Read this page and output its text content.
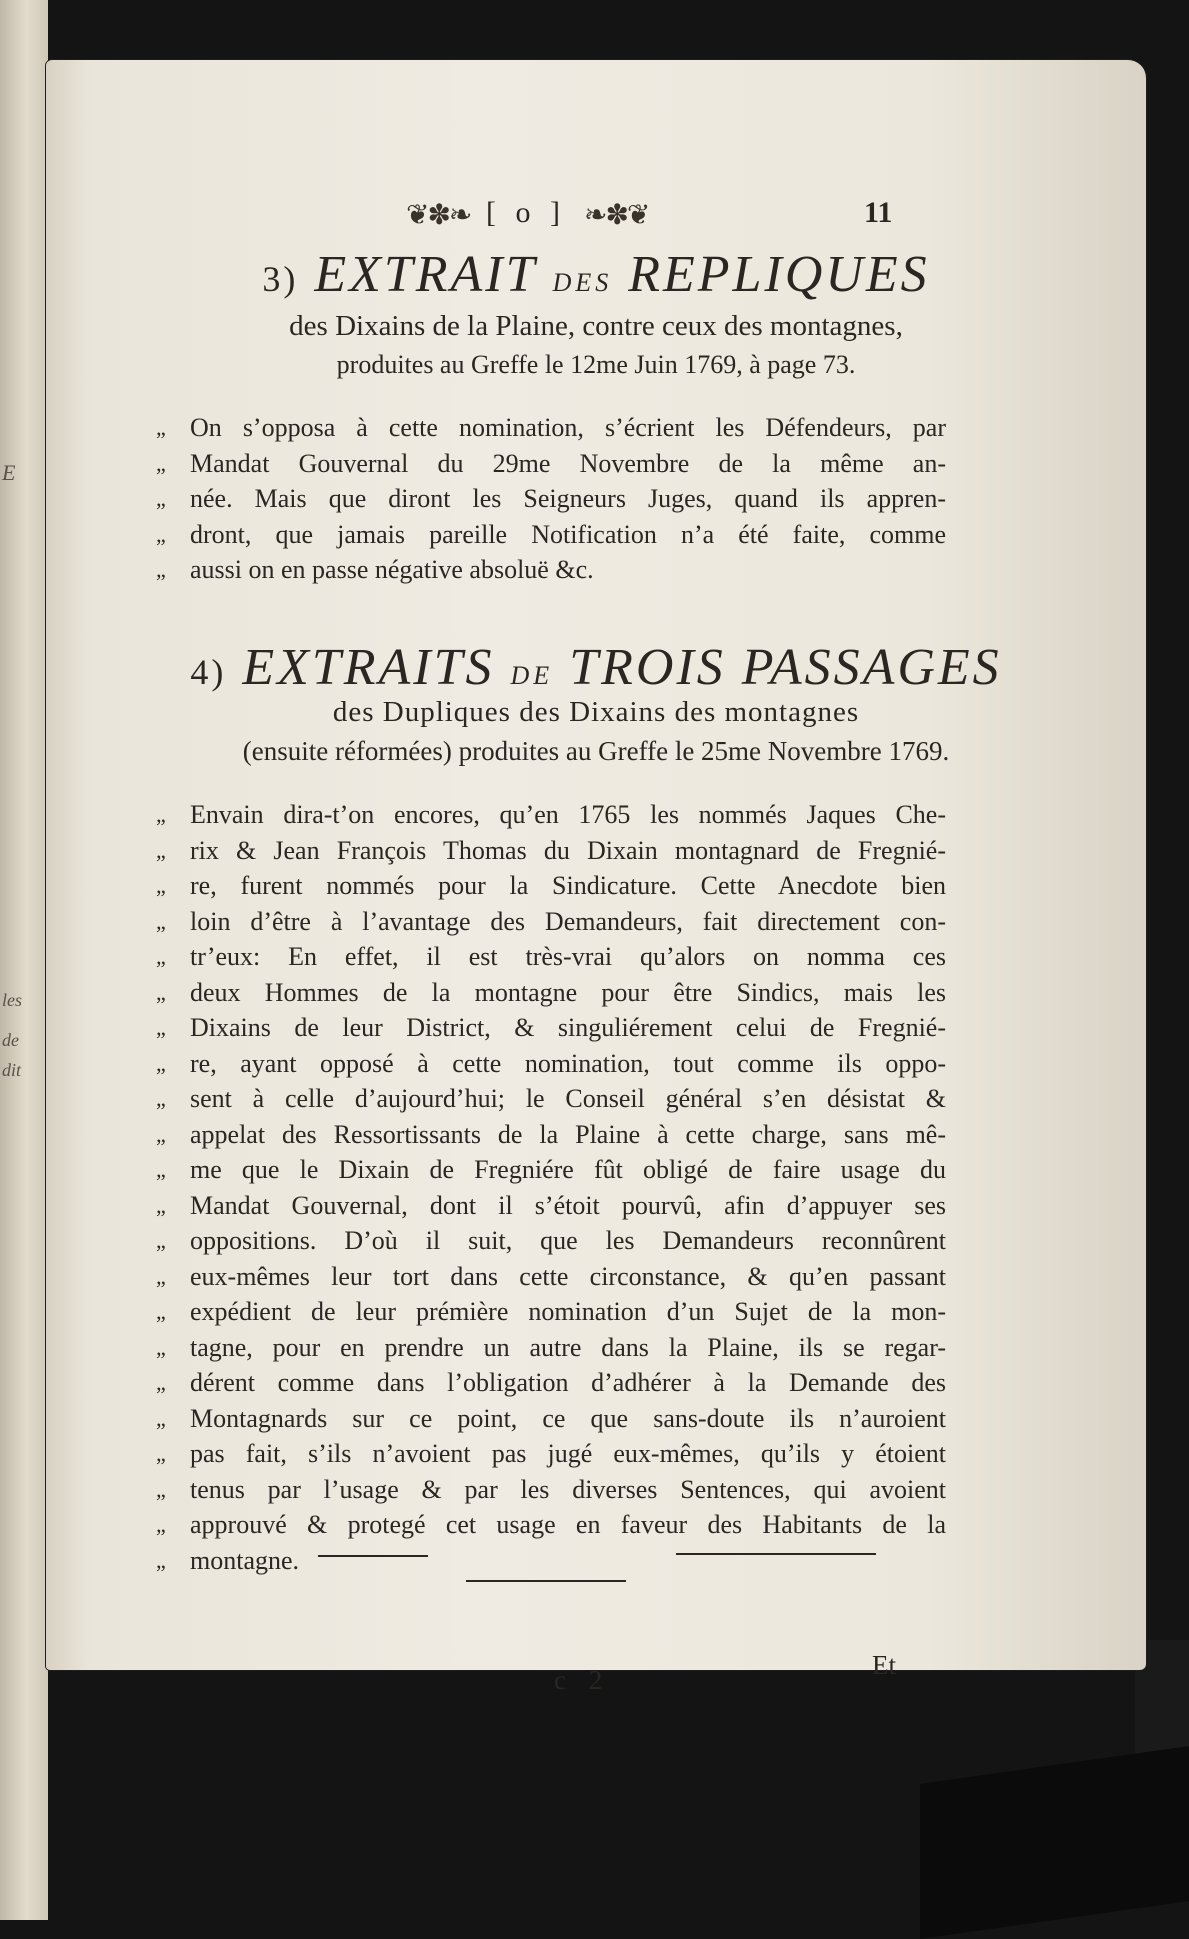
E
les
de
dit
❦✽❧ [ o ] ❧✽❦	11
3) EXTRAIT DES REPLIQUES
des Dixains de la Plaine, contre ceux des montagnes,
produites au Greffe le 12me Juin 1769, à page 73.
„ On s’opposa à cette nomination, s’écrient les Défendeurs, par
„ Mandat Gouvernal du 29me Novembre de la même an-
„ née. Mais que diront les Seigneurs Juges, quand ils appren-
„ dront, que jamais pareille Notification n’a été faite, comme
„ aussi on en passe négative absoluë &c.
4) EXTRAITS DE TROIS PASSAGES
des Dupliques des Dixains des montagnes
(ensuite réformées) produites au Greffe le 25me Novembre 1769.
„ Envain dira-t’on encores, qu’en 1765 les nommés Jaques Che-
„ rix & Jean François Thomas du Dixain montagnard de Fregnié-
„ re, furent nommés pour la Sindicature. Cette Anecdote bien
„ loin d’être à l’avantage des Demandeurs, fait directement con-
„ tr’eux: En effet, il est très-vrai qu’alors on nomma ces
„ deux Hommes de la montagne pour être Sindics, mais les
„ Dixains de leur District, & singuliérement celui de Fregnié-
„ re, ayant opposé à cette nomination, tout comme ils oppo-
„ sent à celle d’aujourd’hui; le Conseil général s’en désistat &
„ appelat des Ressortissants de la Plaine à cette charge, sans mê-
„ me que le Dixain de Fregniére fût obligé de faire usage du
„ Mandat Gouvernal, dont il s’étoit pourvû, afin d’appuyer ses
„ oppositions. D’où il suit, que les Demandeurs reconnûrent
„ eux-mêmes leur tort dans cette circonstance, & qu’en passant
„ expédient de leur prémière nomination d’un Sujet de la mon-
„ tagne, pour en prendre un autre dans la Plaine, ils se regar-
„ dérent comme dans l’obligation d’adhérer à la Demande des
„ Montagnards sur ce point, ce que sans-doute ils n’auroient
„ pas fait, s’ils n’avoient pas jugé eux-mêmes, qu’ils y étoient
„ tenus par l’usage & par les diverses Sentences, qui avoient
„ approuvé & protegé cet usage en faveur des Habitants de la
„ montagne.
c 2	Et
